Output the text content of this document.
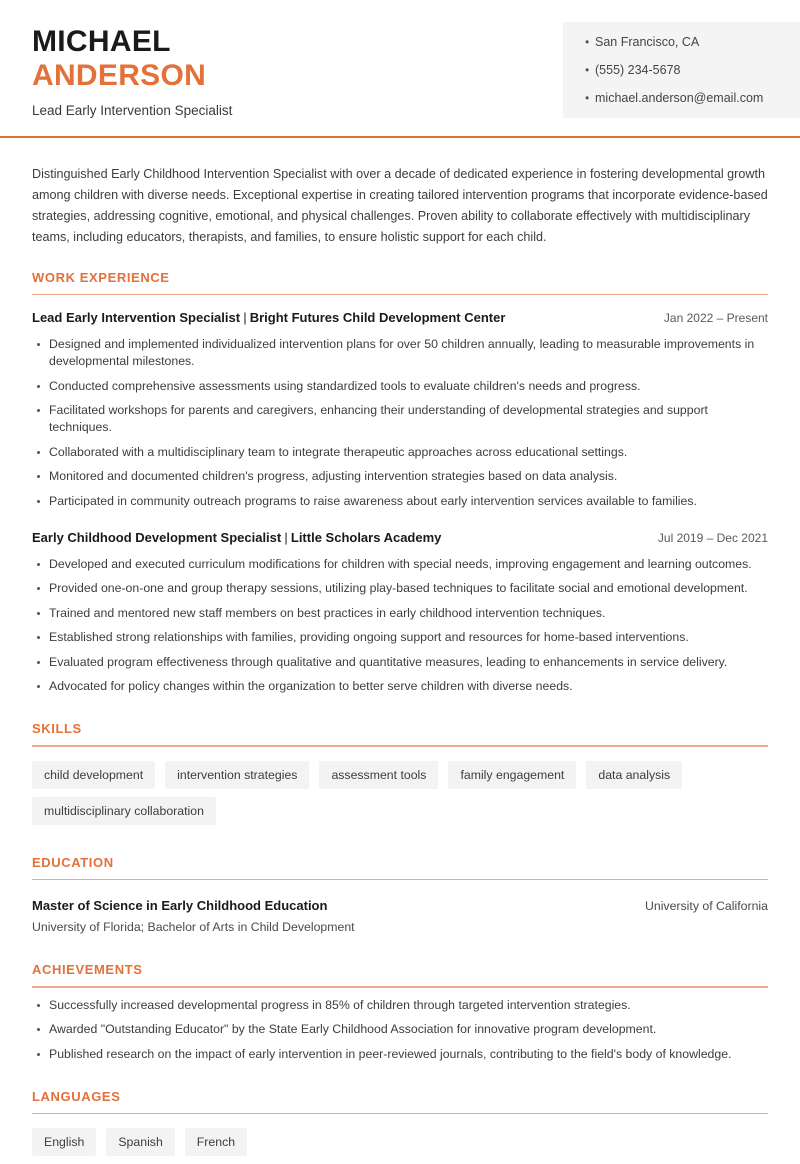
• San Francisco, CA
• (555) 234-5678
• michael.anderson@email.com
MICHAEL
ANDERSON
Lead Early Intervention Specialist
Distinguished Early Childhood Intervention Specialist with over a decade of dedicated experience in fostering developmental growth among children with diverse needs. Exceptional expertise in creating tailored intervention programs that incorporate evidence-based strategies, addressing cognitive, emotional, and physical challenges. Proven ability to collaborate effectively with multidisciplinary teams, including educators, therapists, and families, to ensure holistic support for each child.
WORK EXPERIENCE
Lead Early Intervention Specialist | Bright Futures Child Development Center	Jan 2022 – Present
Designed and implemented individualized intervention plans for over 50 children annually, leading to measurable improvements in developmental milestones.
Conducted comprehensive assessments using standardized tools to evaluate children's needs and progress.
Facilitated workshops for parents and caregivers, enhancing their understanding of developmental strategies and support techniques.
Collaborated with a multidisciplinary team to integrate therapeutic approaches across educational settings.
Monitored and documented children's progress, adjusting intervention strategies based on data analysis.
Participated in community outreach programs to raise awareness about early intervention services available to families.
Early Childhood Development Specialist | Little Scholars Academy	Jul 2019 – Dec 2021
Developed and executed curriculum modifications for children with special needs, improving engagement and learning outcomes.
Provided one-on-one and group therapy sessions, utilizing play-based techniques to facilitate social and emotional development.
Trained and mentored new staff members on best practices in early childhood intervention techniques.
Established strong relationships with families, providing ongoing support and resources for home-based interventions.
Evaluated program effectiveness through qualitative and quantitative measures, leading to enhancements in service delivery.
Advocated for policy changes within the organization to better serve children with diverse needs.
SKILLS
child development	intervention strategies	assessment tools	family engagement	data analysis
multidisciplinary collaboration
EDUCATION
Master of Science in Early Childhood Education	University of California
University of Florida; Bachelor of Arts in Child Development
ACHIEVEMENTS
Successfully increased developmental progress in 85% of children through targeted intervention strategies.
Awarded "Outstanding Educator" by the State Early Childhood Association for innovative program development.
Published research on the impact of early intervention in peer-reviewed journals, contributing to the field's body of knowledge.
LANGUAGES
English	Spanish	French
